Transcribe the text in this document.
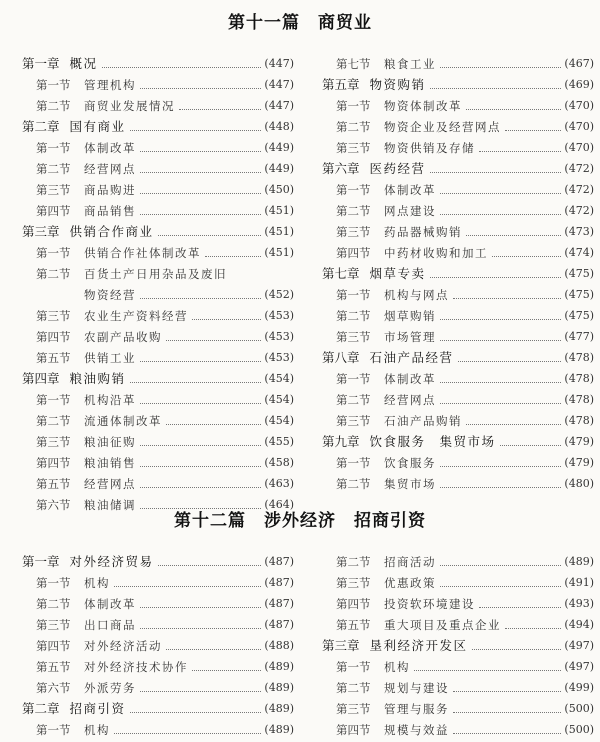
第十一篇　商贸业
第一章 概况	(447)
第一节	管理机构	(447)
第二节	商贸业发展情况	(447)
第二章 国有商业	(448)
第一节	体制改革	(449)
第二节	经营网点	(449)
第三节	商品购进	(450)
第四节	商品销售	(451)
第三章 供销合作商业	(451)
第一节	供销合作社体制改革	(451)
第二节	百货土产日用杂品及废旧
物资经营	(452)
第三节	农业生产资料经营	(453)
第四节	农副产品收购	(453)
第五节	供销工业	(453)
第四章 粮油购销	(454)
第一节	机构沿革	(454)
第二节	流通体制改革	(454)
第三节	粮油征购	(455)
第四节	粮油销售	(458)
第五节	经营网点	(463)
第六节	粮油储调	(464)
第七节	粮食工业	(467)
第五章 物资购销	(469)
第一节	物资体制改革	(470)
第二节	物资企业及经营网点	(470)
第三节	物资供销及存储	(470)
第六章 医药经营	(472)
第一节	体制改革	(472)
第二节	网点建设	(472)
第三节	药品器械购销	(473)
第四节	中药材收购和加工	(474)
第七章 烟草专卖	(475)
第一节	机构与网点	(475)
第二节	烟草购销	(475)
第三节	市场管理	(477)
第八章 石油产品经营	(478)
第一节	体制改革	(478)
第二节	经营网点	(478)
第三节	石油产品购销	(478)
第九章 饮食服务　集贸市场	(479)
第一节	饮食服务	(479)
第二节	集贸市场	(480)
第十二篇　涉外经济　招商引资
第一章 对外经济贸易	(487)
第一节	机构	(487)
第二节	体制改革	(487)
第三节	出口商品	(487)
第四节	对外经济活动	(488)
第五节	对外经济技术协作	(489)
第六节	外派劳务	(489)
第二章 招商引资	(489)
第一节	机构	(489)
第二节	招商活动	(489)
第三节	优惠政策	(491)
第四节	投资软环境建设	(493)
第五节	重大项目及重点企业	(494)
第三章 垦利经济开发区	(497)
第一节	机构	(497)
第二节	规划与建设	(499)
第三节	管理与服务	(500)
第四节	规模与效益	(500)
